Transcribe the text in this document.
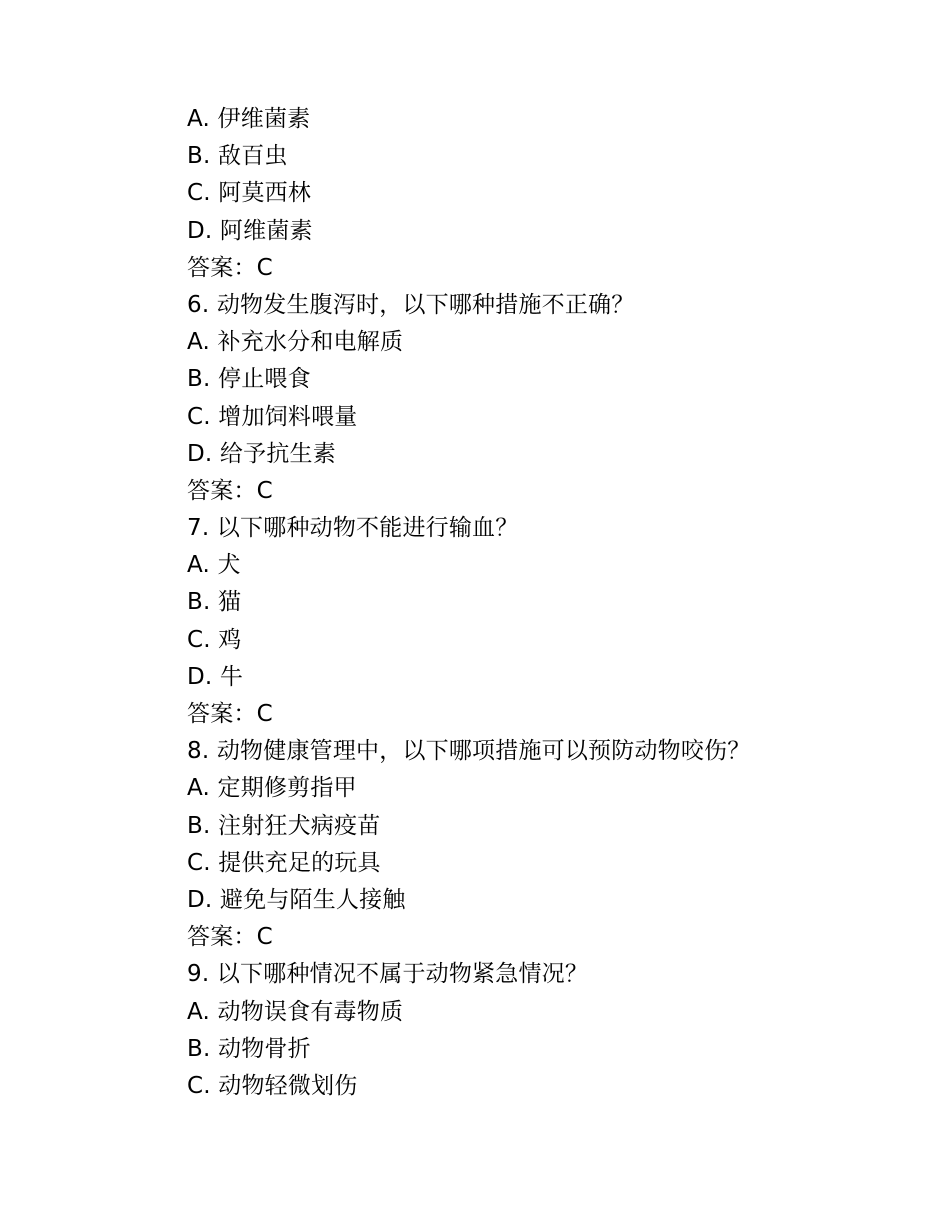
A. 伊维菌素
B. 敌百虫
C. 阿莫西林
D. 阿维菌素
答案：C
6. 动物发生腹泻时，以下哪种措施不正确？
A. 补充水分和电解质
B. 停止喂食
C. 增加饲料喂量
D. 给予抗生素
答案：C
7. 以下哪种动物不能进行输血？
A. 犬
B. 猫
C. 鸡
D. 牛
答案：C
8. 动物健康管理中，以下哪项措施可以预防动物咬伤？
A. 定期修剪指甲
B. 注射狂犬病疫苗
C. 提供充足的玩具
D. 避免与陌生人接触
答案：C
9. 以下哪种情况不属于动物紧急情况？
A. 动物误食有毒物质
B. 动物骨折
C. 动物轻微划伤
